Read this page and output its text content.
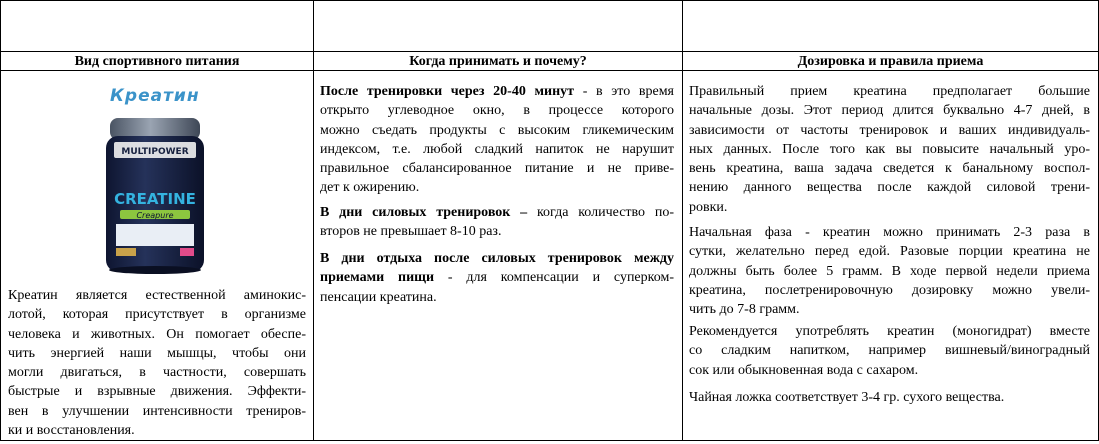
Вид спортивного питания	Когда принимать и почему?	Дозировка и правила приема
Креатин
MULTIPOWER
CREATINE
Creapure
Креатин является естественной аминокис-
лотой, которая присутствует в организме
человека и животных. Он помогает обеспе-
чить энергией наши мышцы, чтобы они
могли двигаться, в частности, совершать
быстрые и взрывные движения. Эффекти-
вен в улучшении интенсивности трениров-
ки и восстановления.
После тренировки через 20-40 минут - в это время
открыто углеводное окно, в процессе которого
можно съедать продукты с высоким гликемическим
индексом, т.е. любой сладкий напиток не нарушит
правильное сбалансированное питание и не приве-
дет к ожирению.
В дни силовых тренировок – когда количество по-
второв не превышает 8-10 раз.
В дни отдыха после силовых тренировок между
приемами пищи - для компенсации и суперком-
пенсации креатина.
Правильный прием креатина предполагает большие
начальные дозы. Этот период длится буквально 4-7 дней, в
зависимости от частоты тренировок и ваших индивидуаль-
ных данных. После того как вы повысите начальный уро-
вень креатина, ваша задача сведется к банальному воспол-
нению данного вещества после каждой силовой трени-
ровки.
Начальная фаза - креатин можно принимать 2-3 раза в
сутки, желательно перед едой. Разовые порции креатина не
должны быть более 5 грамм. В ходе первой недели приема
креатина, послетренировочную дозировку можно увели-
чить до 7-8 грамм.
Рекомендуется употреблять креатин (моногидрат) вместе
со сладким напитком, например вишневый/виноградный
сок или обыкновенная вода с сахаром.
Чайная ложка соответствует 3-4 гр. сухого вещества.
